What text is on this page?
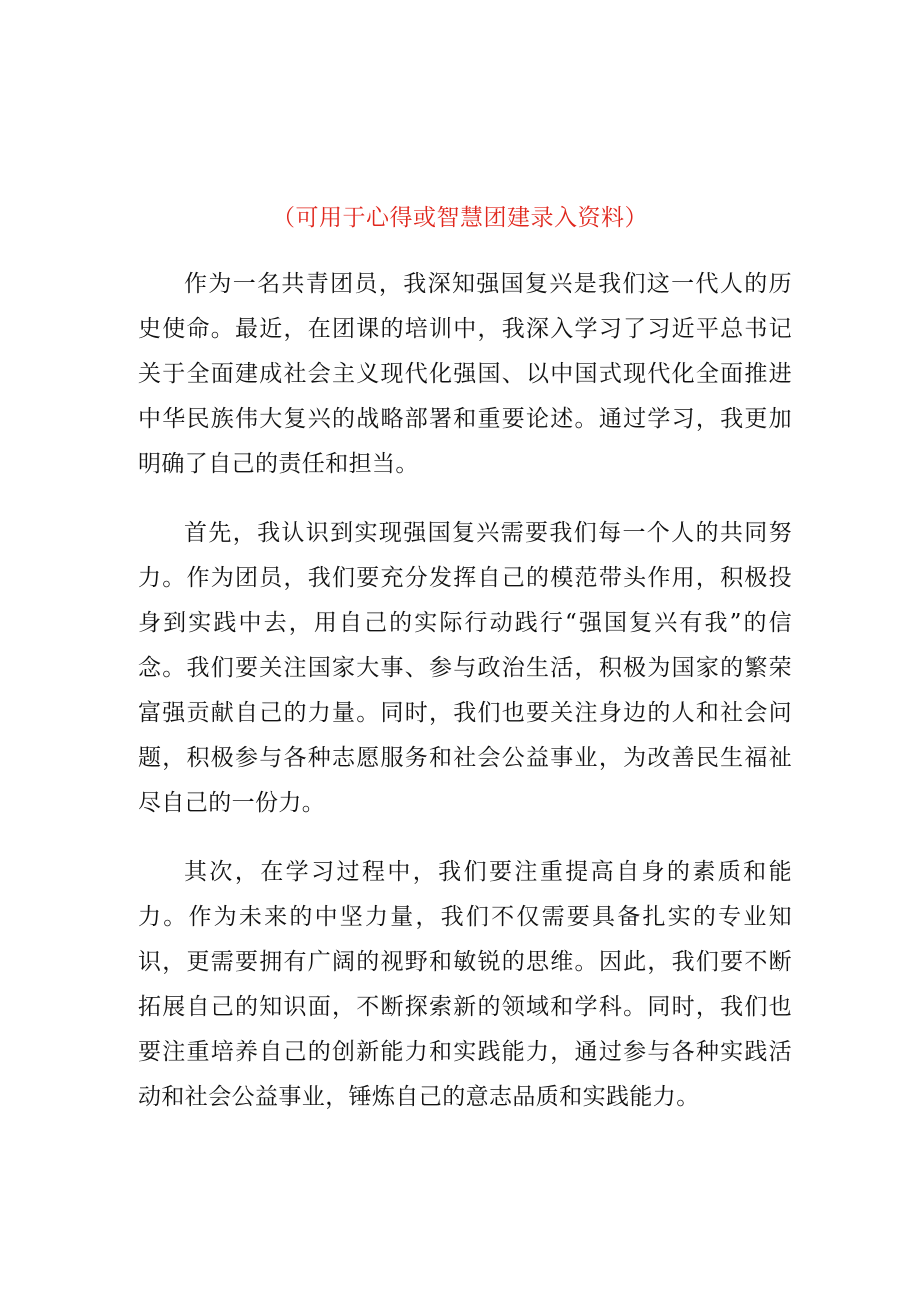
（可用于心得或智慧团建录入资料）

作为一名共青团员，我深知强国复兴是我们这一代人的历史使命。最近，在团课的培训中，我深入学习了习近平总书记关于全面建成社会主义现代化强国、以中国式现代化全面推进中华民族伟大复兴的战略部署和重要论述。通过学习，我更加明确了自己的责任和担当。

首先，我认识到实现强国复兴需要我们每一个人的共同努力。作为团员，我们要充分发挥自己的模范带头作用，积极投身到实践中去，用自己的实际行动践行“强国复兴有我”的信念。我们要关注国家大事、参与政治生活，积极为国家的繁荣富强贡献自己的力量。同时，我们也要关注身边的人和社会问题，积极参与各种志愿服务和社会公益事业，为改善民生福祉尽自己的一份力。

其次，在学习过程中，我们要注重提高自身的素质和能力。作为未来的中坚力量，我们不仅需要具备扎实的专业知识，更需要拥有广阔的视野和敏锐的思维。因此，我们要不断拓展自己的知识面，不断探索新的领域和学科。同时，我们也要注重培养自己的创新能力和实践能力，通过参与各种实践活动和社会公益事业，锤炼自己的意志品质和实践能力。
